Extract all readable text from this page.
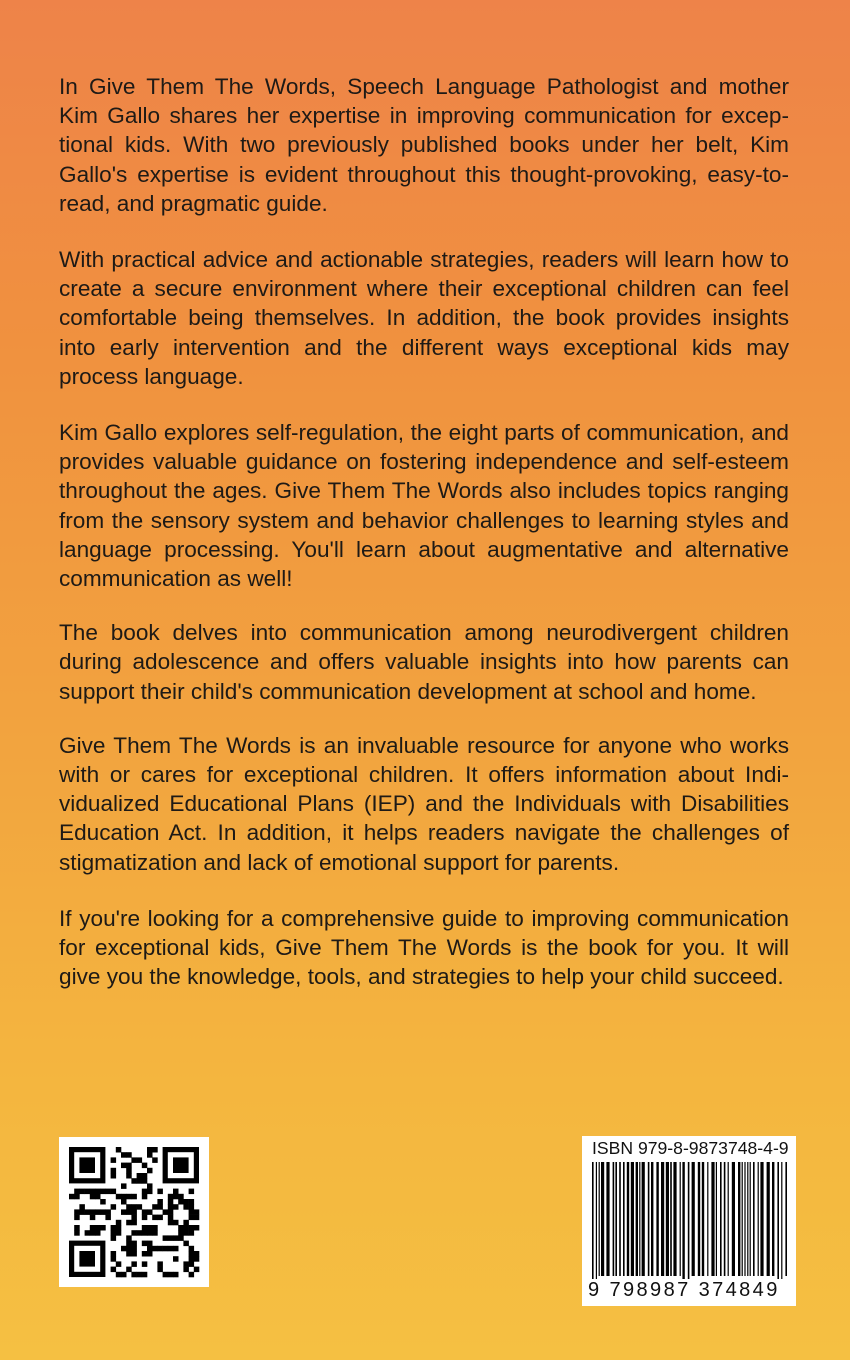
In Give Them The Words, Speech Language Pathologist and mother Kim Gallo shares her expertise in improving communication for exceptional kids. With two previously published books under her belt, Kim Gallo's expertise is evident throughout this thought-provoking, easy-to-read, and pragmatic guide.

With practical advice and actionable strategies, readers will learn how to create a secure environment where their exceptional children can feel comfortable being themselves. In addition, the book provides insights into early intervention and the different ways exceptional kids may process language.

Kim Gallo explores self-regulation, the eight parts of communication, and provides valuable guidance on fostering independence and self-esteem throughout the ages. Give Them The Words also includes topics ranging from the sensory system and behavior challenges to learning styles and language processing. You'll learn about augmentative and alternative communication as well!

The book delves into communication among neurodivergent children during adolescence and offers valuable insights into how parents can support their child's communication development at school and home.

Give Them The Words is an invaluable resource for anyone who works with or cares for exceptional children. It offers information about Individualized Educational Plans (IEP) and the Individuals with Disabilities Education Act. In addition, it helps readers navigate the challenges of stigmatization and lack of emotional support for parents.

If you're looking for a comprehensive guide to improving communication for exceptional kids, Give Them The Words is the book for you. It will give you the knowledge, tools, and strategies to help your child succeed.

ISBN 979-8-9873748-4-9
9 798987 374849
